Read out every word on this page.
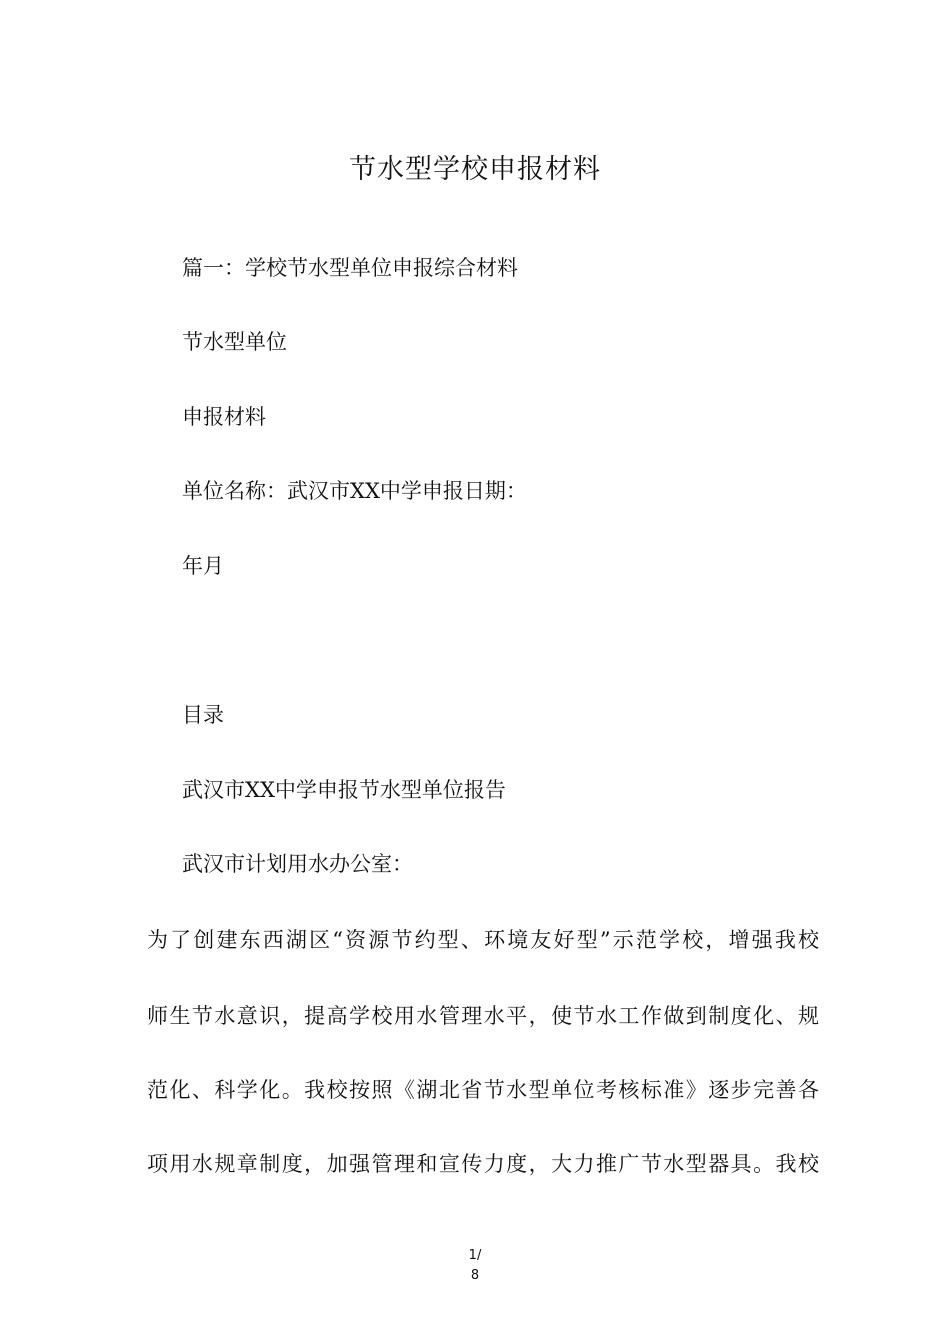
节水型学校申报材料
篇一：学校节水型单位申报综合材料
节水型单位
申报材料
单位名称：武汉市XX中学申报日期：
年月
目录
武汉市XX中学申报节水型单位报告
武汉市计划用水办公室：
为了创建东西湖区“资源节约型、环境友好型”示范学校，增强我校
师生节水意识，提高学校用水管理水平，使节水工作做到制度化、规
范化、科学化。我校按照《湖北省节水型单位考核标准》逐步完善各
项用水规章制度，加强管理和宣传力度，大力推广节水型器具。我校
1/
8
